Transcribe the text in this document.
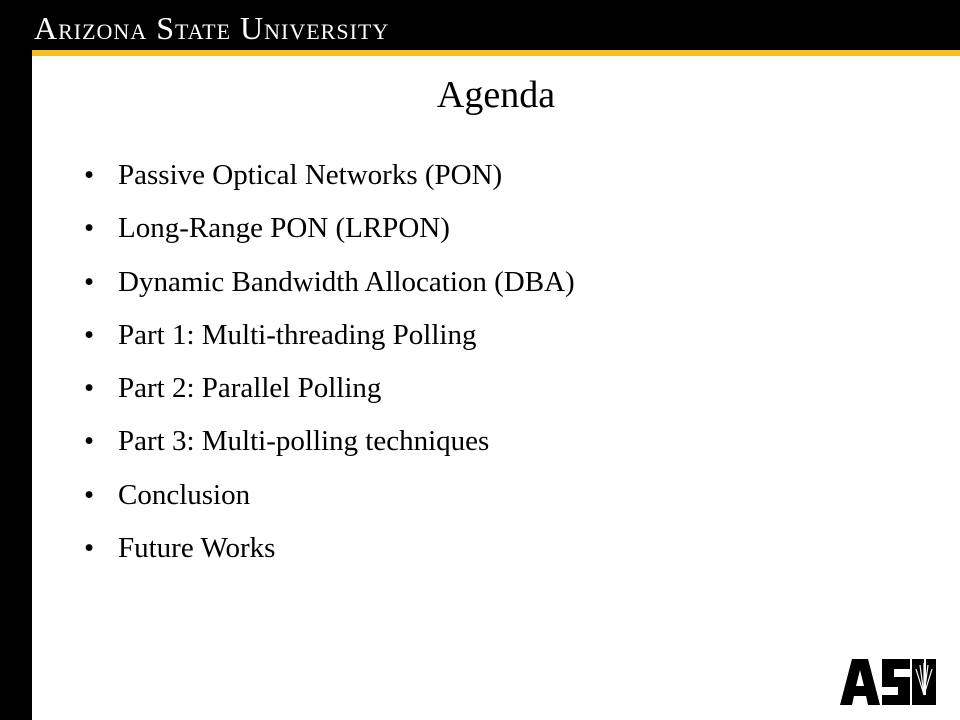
Arizona State University
Agenda
• Passive Optical Networks (PON)
• Long-Range PON (LRPON)
• Dynamic Bandwidth Allocation (DBA)
• Part 1: Multi-threading Polling
• Part 2: Parallel Polling
• Part 3: Multi-polling techniques
• Conclusion
• Future Works
